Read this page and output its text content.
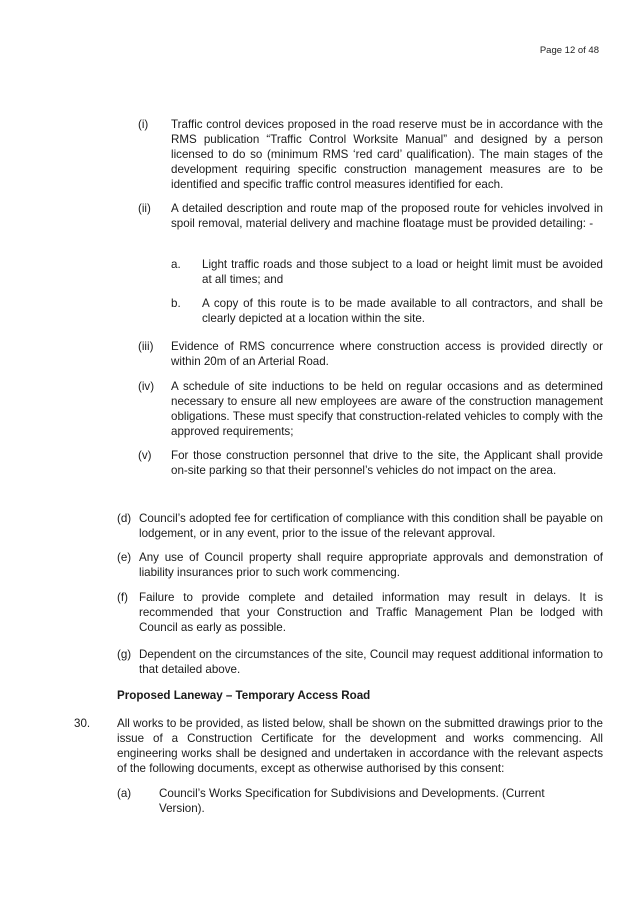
Page 12 of 48
(i) Traffic control devices proposed in the road reserve must be in accordance with the RMS publication “Traffic Control Worksite Manual” and designed by a person licensed to do so (minimum RMS ‘red card’ qualification). The main stages of the development requiring specific construction management measures are to be identified and specific traffic control measures identified for each.
(ii) A detailed description and route map of the proposed route for vehicles involved in spoil removal, material delivery and machine floatage must be provided detailing: -
a. Light traffic roads and those subject to a load or height limit must be avoided at all times; and
b. A copy of this route is to be made available to all contractors, and shall be clearly depicted at a location within the site.
(iii) Evidence of RMS concurrence where construction access is provided directly or within 20m of an Arterial Road.
(iv) A schedule of site inductions to be held on regular occasions and as determined necessary to ensure all new employees are aware of the construction management obligations. These must specify that construction-related vehicles to comply with the approved requirements;
(v) For those construction personnel that drive to the site, the Applicant shall provide on-site parking so that their personnel’s vehicles do not impact on the area.
(d) Council’s adopted fee for certification of compliance with this condition shall be payable on lodgement, or in any event, prior to the issue of the relevant approval.
(e) Any use of Council property shall require appropriate approvals and demonstration of liability insurances prior to such work commencing.
(f) Failure to provide complete and detailed information may result in delays. It is recommended that your Construction and Traffic Management Plan be lodged with Council as early as possible.
(g) Dependent on the circumstances of the site, Council may request additional information to that detailed above.
Proposed Laneway – Temporary Access Road
30. All works to be provided, as listed below, shall be shown on the submitted drawings prior to the issue of a Construction Certificate for the development and works commencing. All engineering works shall be designed and undertaken in accordance with the relevant aspects of the following documents, except as otherwise authorised by this consent:
(a) Council’s Works Specification for Subdivisions and Developments. (Current Version).
